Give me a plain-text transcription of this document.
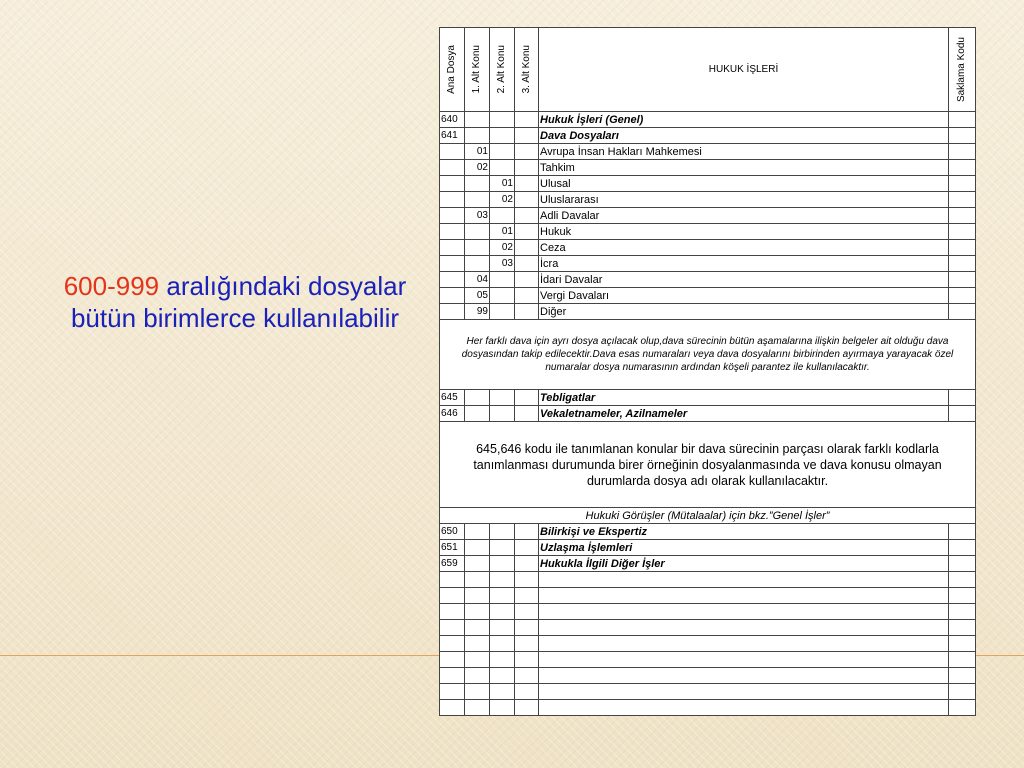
600-999 aralığındaki dosyalar bütün birimlerce kullanılabilir
Ana Dosya	1. Alt Konu	2. Alt Konu	3. Alt Konu	HUKUK İŞLERİ	Saklama Kodu

640				Hukuk İşleri (Genel)	
641				Dava Dosyaları	
	01			Avrupa İnsan Hakları Mahkemesi	
	02			Tahkim	
		01		Ulusal	
		02		Uluslararası	
	03			Adli Davalar	
		01		Hukuk	
		02		Ceza	
		03		İcra	
	04			İdari Davalar	
	05			Vergi Davaları	
	99			Diğer	
Her farklı dava için ayrı dosya açılacak olup,dava sürecinin bütün aşamalarına ilişkin belgeler ait olduğu dava dosyasından takip edilecektir.Dava esas numaraları veya dava dosyalarını birbirinden ayırmaya yarayacak özel numaralar dosya numarasının ardından köşeli parantez ile kullanılacaktır.					
645				Tebligatlar	
646				Vekaletnameler, Azilnameler	
645,646 kodu ile tanımlanan konular bir dava sürecinin parçası olarak farklı kodlarla tanımlanması durumunda birer örneğinin dosyalanmasında ve dava konusu olmayan durumlarda dosya adı olarak kullanılacaktır.					
Hukuki Görüşler (Mütalaalar) için bkz.”Genel İşler”					
650				Bilirkişi ve Ekspertiz	
651				Uzlaşma İşlemleri	
659				Hukukla İlgili Diğer İşler	
